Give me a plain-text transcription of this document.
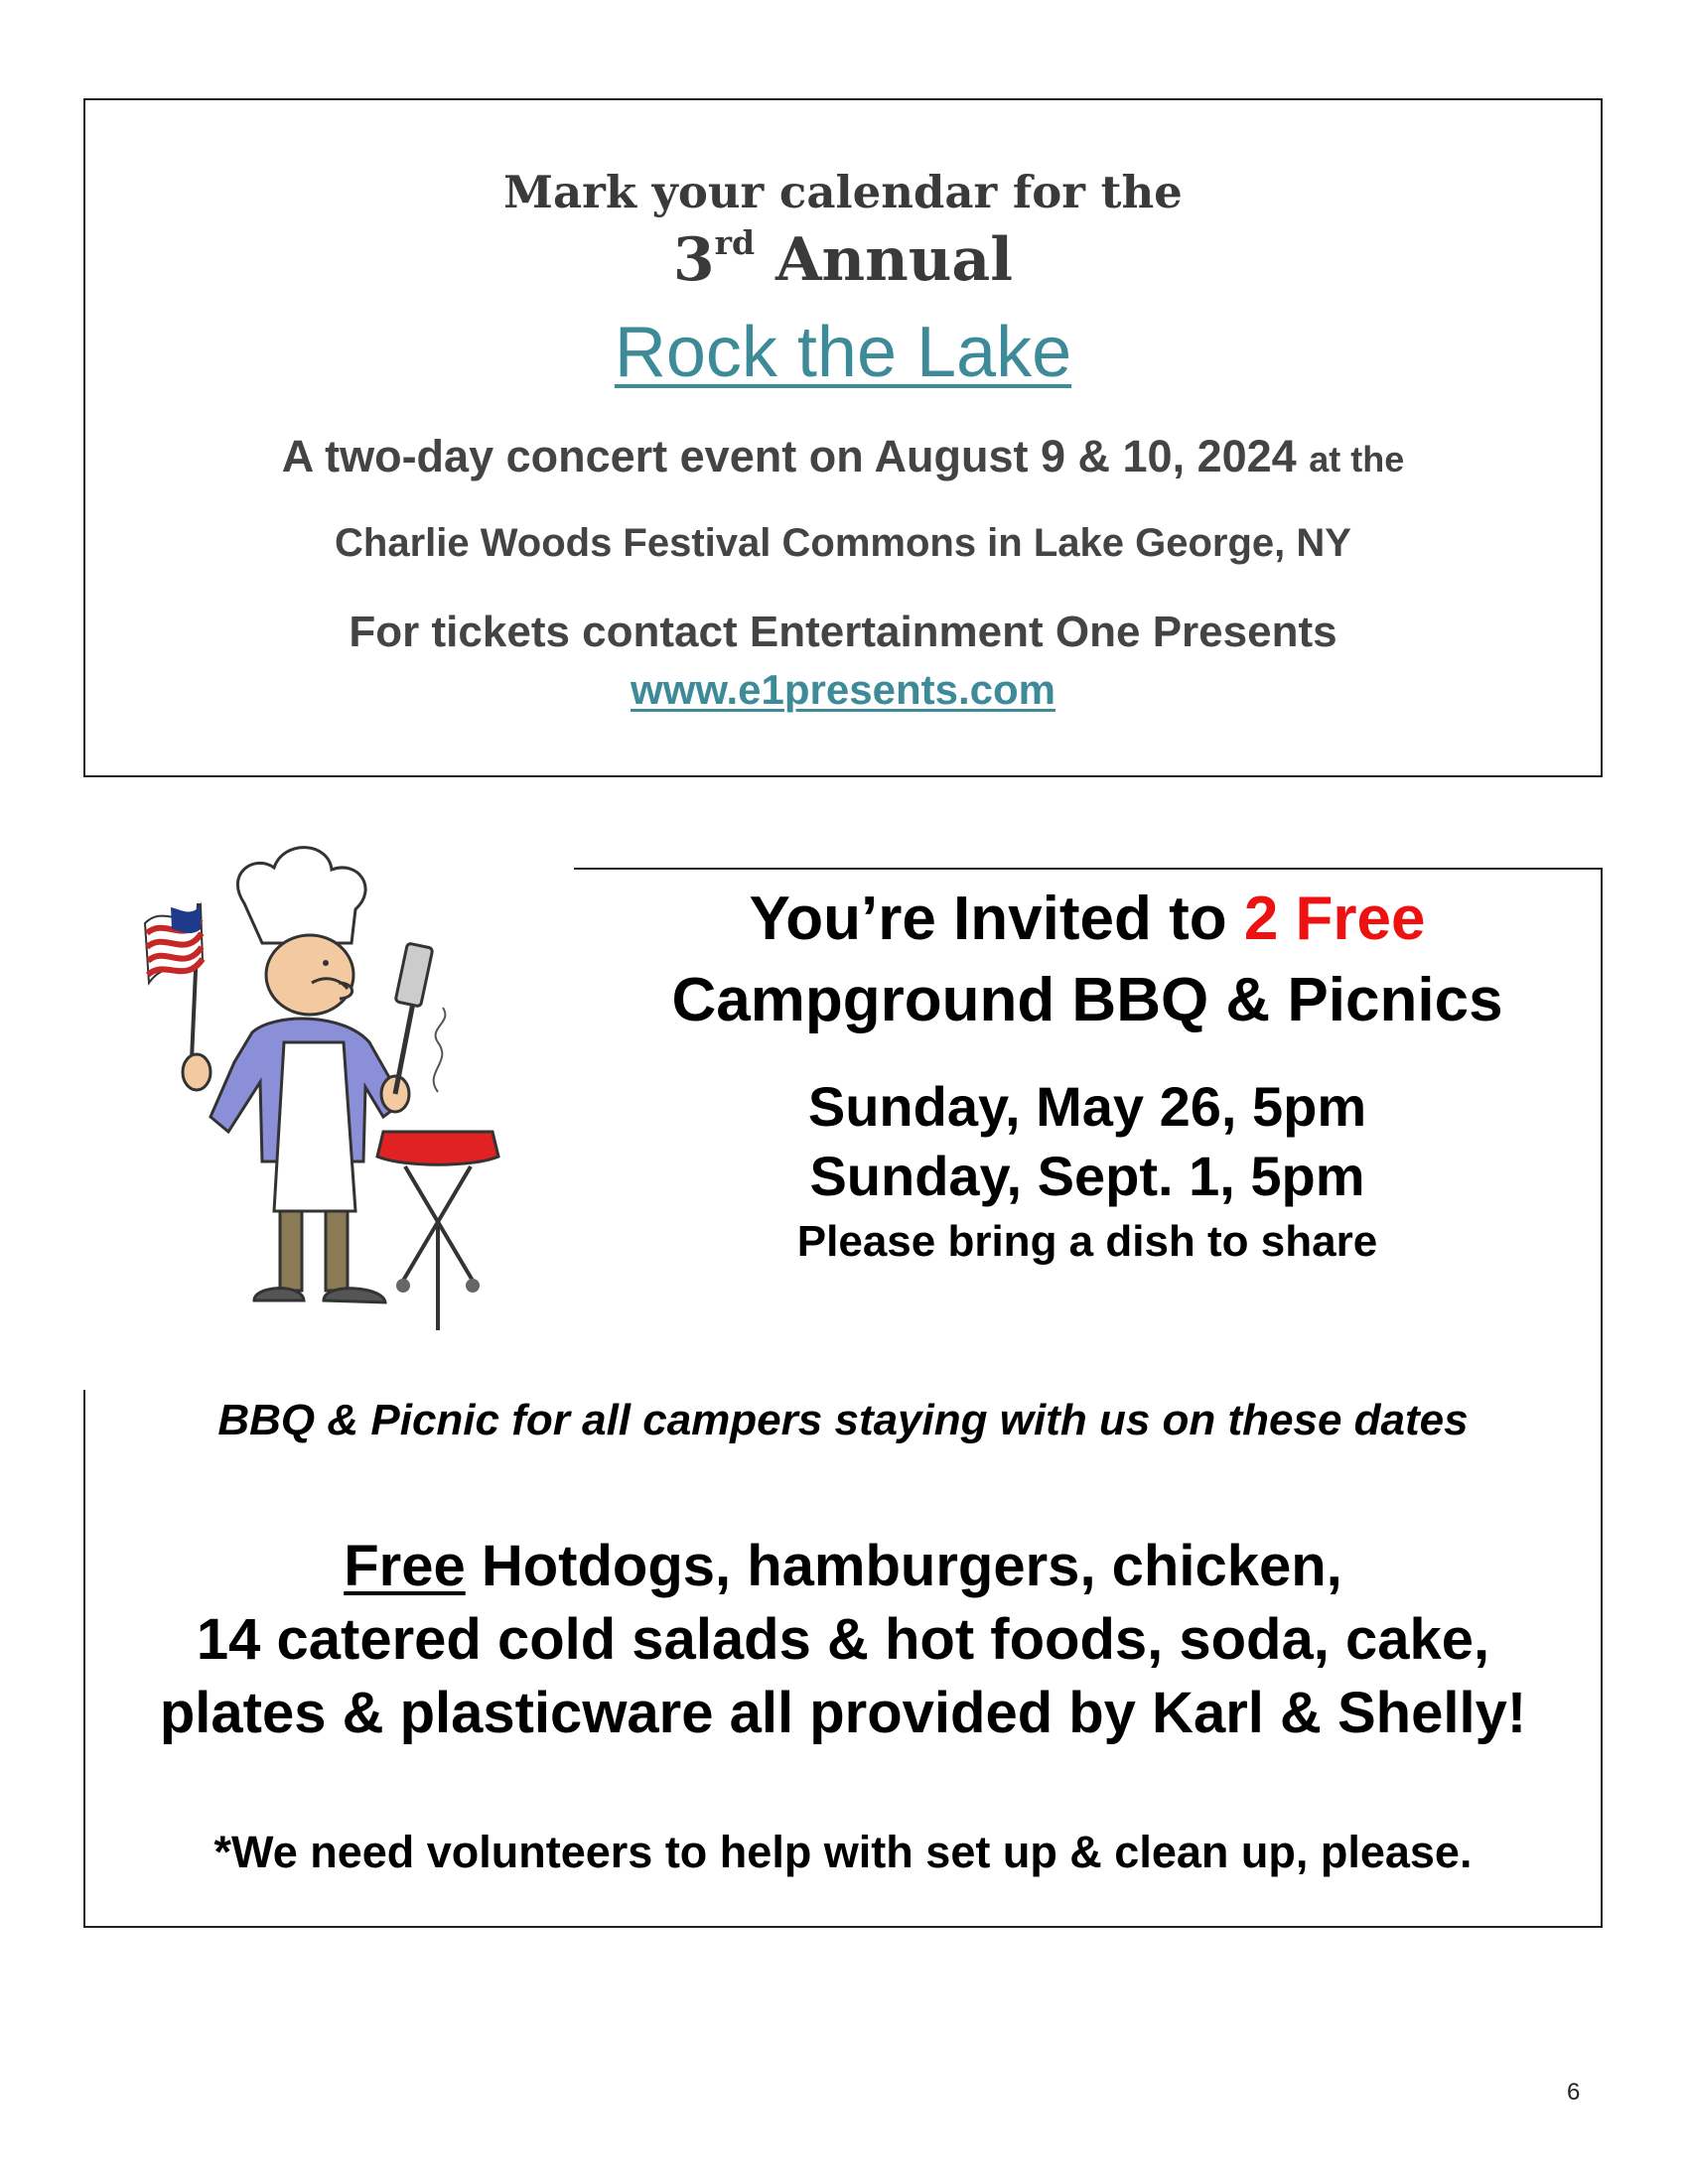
Mark your calendar for the
3rd Annual
Rock the Lake
A two-day concert event on August 9 & 10, 2024 at the
Charlie Woods Festival Commons in Lake George, NY
For tickets contact Entertainment One Presents
www.e1presents.com
You’re Invited to 2 Free
Campground BBQ & Picnics
Sunday, May 26, 5pm
Sunday, Sept. 1, 5pm
Please bring a dish to share
BBQ & Picnic for all campers staying with us on these dates
Free Hotdogs, hamburgers, chicken,
14 catered cold salads & hot foods, soda, cake,
plates & plasticware all provided by Karl & Shelly!
*We need volunteers to help with set up & clean up, please.
6
